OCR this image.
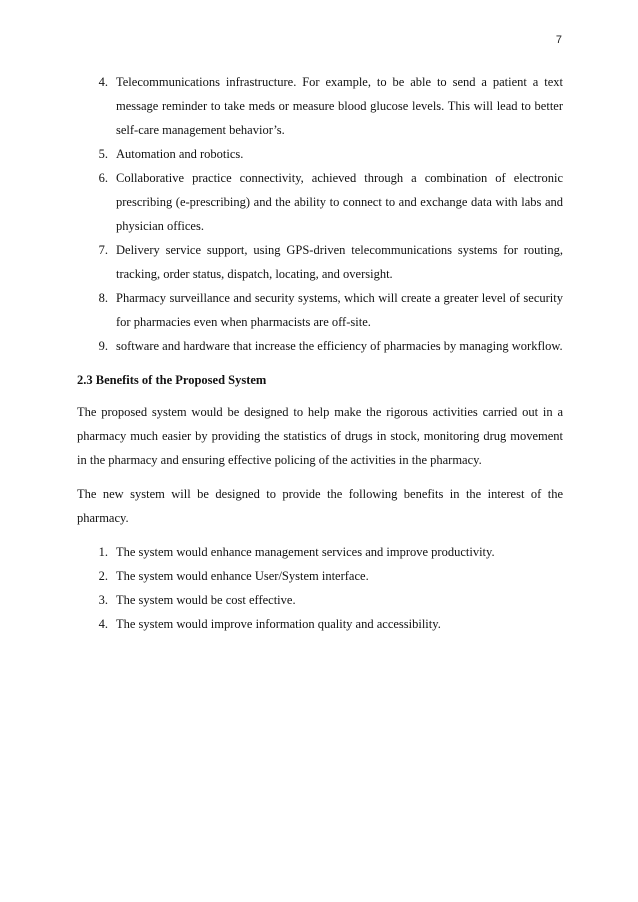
7
4. Telecommunications infrastructure. For example, to be able to send a patient a text message reminder to take meds or measure blood glucose levels. This will lead to better self-care management behavior’s.
5. Automation and robotics.
6. Collaborative practice connectivity, achieved through a combination of electronic prescribing (e-prescribing) and the ability to connect to and exchange data with labs and physician offices.
7. Delivery service support, using GPS-driven telecommunications systems for routing, tracking, order status, dispatch, locating, and oversight.
8. Pharmacy surveillance and security systems, which will create a greater level of security for pharmacies even when pharmacists are off-site.
9. software and hardware that increase the efficiency of pharmacies by managing workflow.
2.3 Benefits of the Proposed System

The proposed system would be designed to help make the rigorous activities carried out in a pharmacy much easier by providing the statistics of drugs in stock, monitoring drug movement in the pharmacy and ensuring effective policing of the activities in the pharmacy.

The new system will be designed to provide the following benefits in the interest of the pharmacy.

1. The system would enhance management services and improve productivity.
2. The system would enhance User/System interface.
3. The system would be cost effective.
4. The system would improve information quality and accessibility.
